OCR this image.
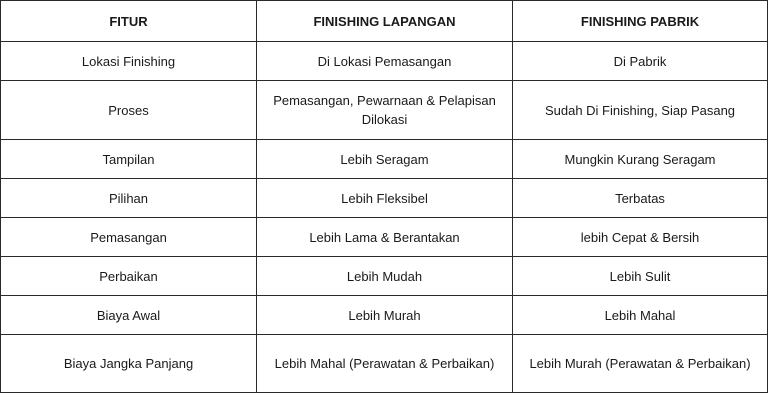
FITUR	FINISHING LAPANGAN	FINISHING PABRIK
Lokasi Finishing	Di Lokasi Pemasangan	Di Pabrik
Proses	Pemasangan, Pewarnaan & Pelapisan Dilokasi	Sudah Di Finishing, Siap Pasang
Tampilan	Lebih Seragam	Mungkin Kurang Seragam
Pilihan	Lebih Fleksibel	Terbatas
Pemasangan	Lebih Lama & Berantakan	lebih Cepat & Bersih
Perbaikan	Lebih Mudah	Lebih Sulit
Biaya Awal	Lebih Murah	Lebih Mahal
Biaya Jangka Panjang	Lebih Mahal (Perawatan & Perbaikan)	Lebih Murah (Perawatan & Perbaikan)
